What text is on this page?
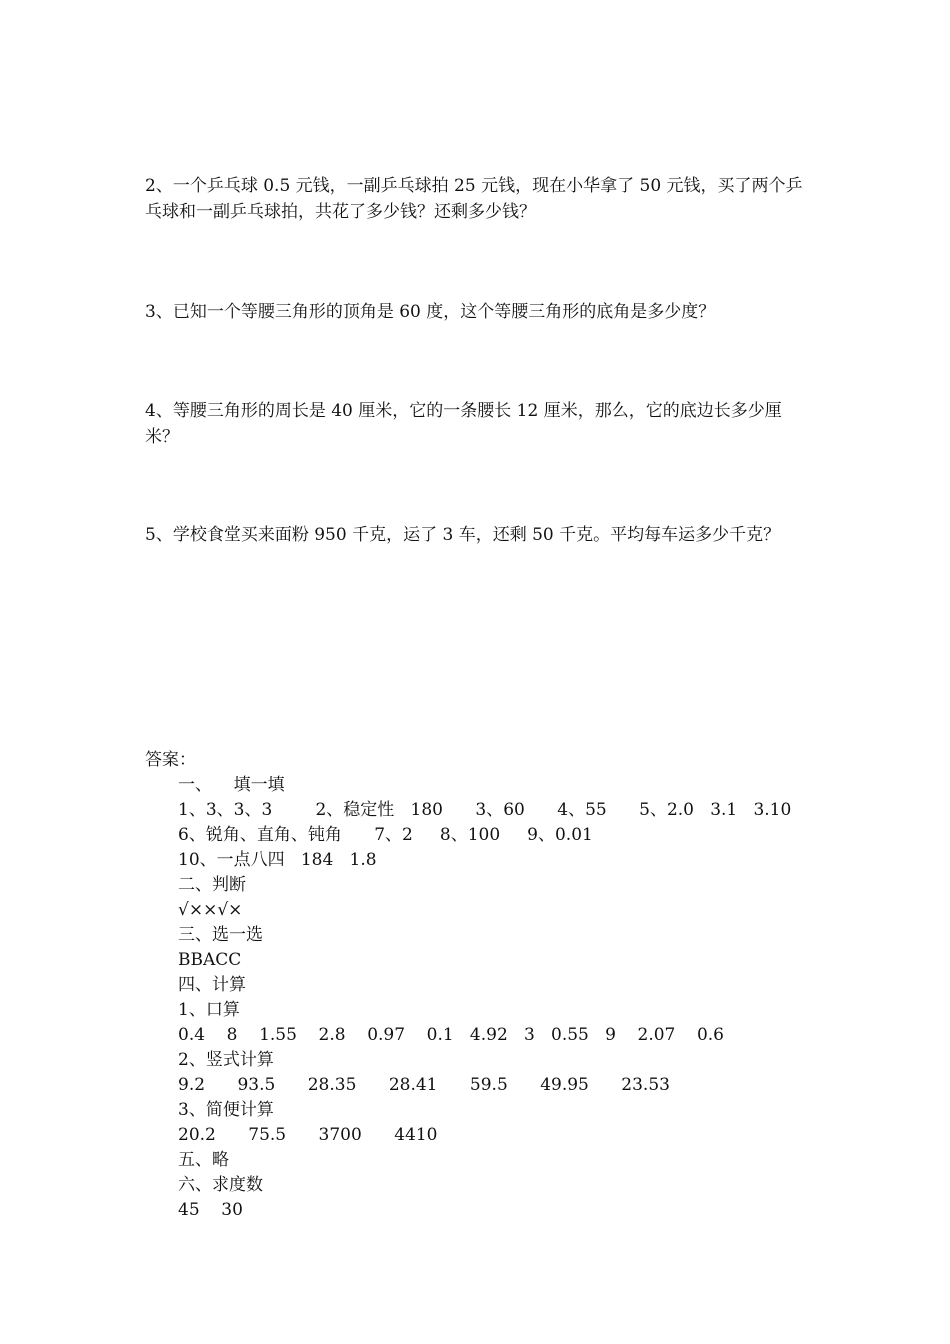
2、一个乒乓球 0.5 元钱，一副乒乓球拍 25 元钱，现在小华拿了 50 元钱，买了两个乒乓球和一副乒乓球拍，共花了多少钱？还剩多少钱？
3、已知一个等腰三角形的顶角是 60 度，这个等腰三角形的底角是多少度？
4、等腰三角形的周长是 40 厘米，它的一条腰长 12 厘米，那么，它的底边长多少厘米？
5、学校食堂买来面粉 950 千克，运了 3 车，还剩 50 千克。平均每车运多少千克？
答案：
一、    填一填
1、3、3、3        2、稳定性   180      3、60      4、55      5、2.0   3.1   3.10
6、锐角、直角、钝角      7、2     8、100     9、0.01
10、一点八四   184   1.8
二、判断
√××√×
三、选一选
BBACC
四、计算
1、口算
0.4    8    1.55    2.8    0.97    0.1   4.92   3   0.55   9    2.07    0.6
2、竖式计算
9.2      93.5      28.35      28.41      59.5      49.95      23.53
3、简便计算
20.2      75.5      3700      4410
五、略
六、求度数
45    30
